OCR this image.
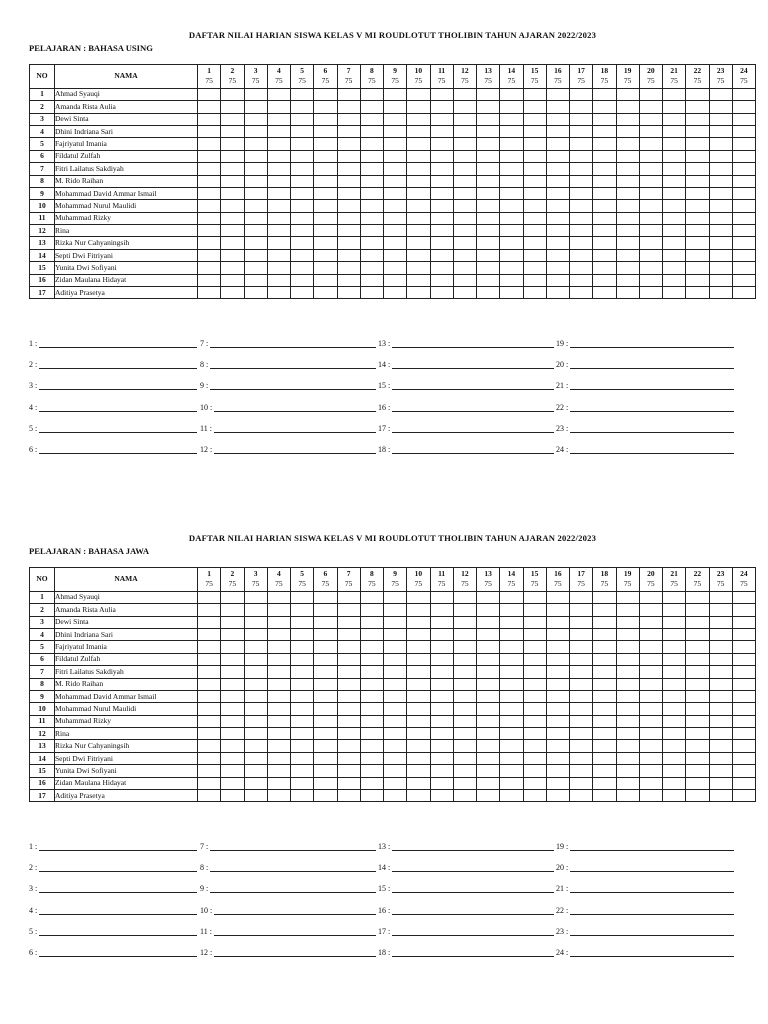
DAFTAR NILAI HARIAN SISWA KELAS V MI ROUDLOTUT THOLIBIN TAHUN AJARAN 2022/2023
PELAJARAN : BAHASA USING
NO	NAMA	1	2	3	4	5	6	7	8	9	10	11	12	13	14	15	16	17	18	19	20	21	22	23	24
		75	75	75	75	75	75	75	75	75	75	75	75	75	75	75	75	75	75	75	75	75	75	75	75
1	Ahmad Syauqi																								
2	Amanda Rista Aulia																								
3	Dewi Sinta																								
4	Dhini Indriana Sari																								
5	Fajriyatul Imania																								
6	Fildatul Zulfah																								
7	Fitri Lailatus Sakdiyah																								
8	M. Rido Raihan																								
9	Mohammad David Ammar Ismail																								
10	Mohammad Nurul Maulidi																								
11	Muhammad Rizky																								
12	Rina																								
13	Rizka Nur Cahyaningsih																								
14	Septi Dwi Fitriyani																								
15	Yunita Dwi Sofiyani																								
16	Zidan Maulana Hidayat																								
17	Aditiya Prasetya																								
1 :
2 :
3 :
4 :
5 :
6 :
7 :
8 :
9 :
10 :
11 :
12 :
13 :
14 :
15 :
16 :
17 :
18 :
19 :
20 :
21 :
22 :
23 :
24 :
DAFTAR NILAI HARIAN SISWA KELAS V MI ROUDLOTUT THOLIBIN TAHUN AJARAN 2022/2023
PELAJARAN : BAHASA JAWA
NO	NAMA	1	2	3	4	5	6	7	8	9	10	11	12	13	14	15	16	17	18	19	20	21	22	23	24
		75	75	75	75	75	75	75	75	75	75	75	75	75	75	75	75	75	75	75	75	75	75	75	75
1	Ahmad Syauqi																								
2	Amanda Rista Aulia																								
3	Dewi Sinta																								
4	Dhini Indriana Sari																								
5	Fajriyatul Imania																								
6	Fildatul Zulfah																								
7	Fitri Lailatus Sakdiyah																								
8	M. Rido Raihan																								
9	Mohammad David Ammar Ismail																								
10	Mohammad Nurul Maulidi																								
11	Muhammad Rizky																								
12	Rina																								
13	Rizka Nur Cahyaningsih																								
14	Septi Dwi Fitriyani																								
15	Yunita Dwi Sofiyani																								
16	Zidan Maulana Hidayat																								
17	Aditiya Prasetya																								
1 :
2 :
3 :
4 :
5 :
6 :
7 :
8 :
9 :
10 :
11 :
12 :
13 :
14 :
15 :
16 :
17 :
18 :
19 :
20 :
21 :
22 :
23 :
24 :
